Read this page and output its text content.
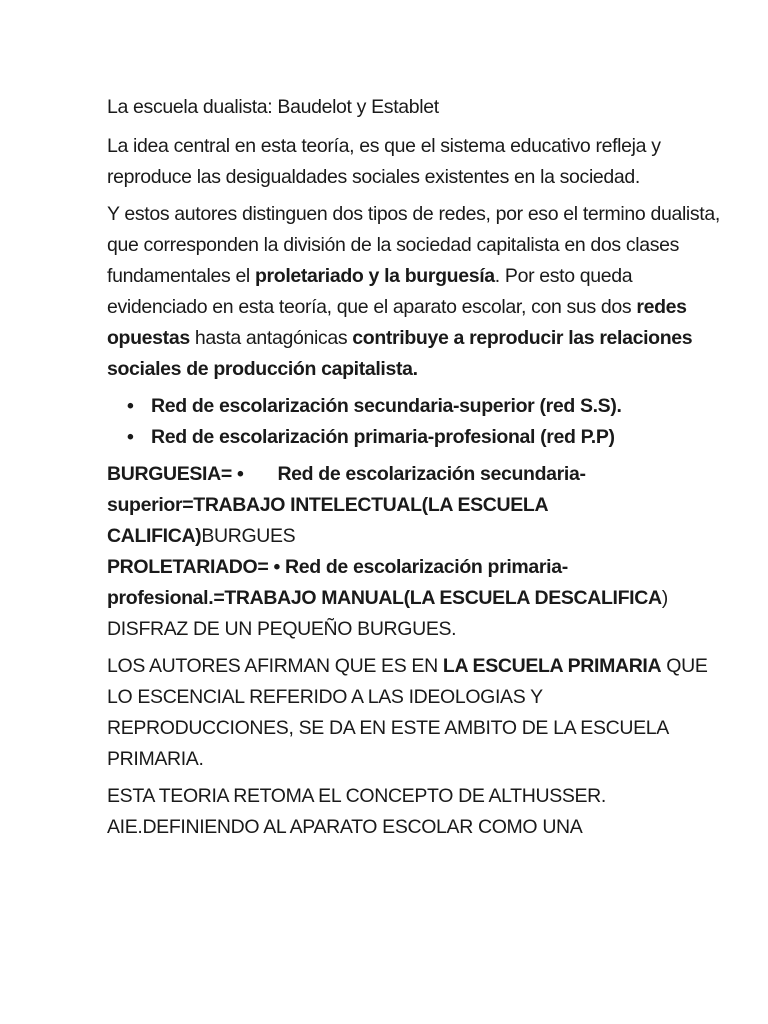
La escuela dualista: Baudelot y Establet

La idea central en esta teoría, es que el sistema educativo refleja y reproduce las desigualdades sociales existentes en la sociedad.

Y estos autores distinguen dos tipos de redes, por eso el termino dualista, que corresponden la división de la sociedad capitalista en dos clases fundamentales el proletariado y la burguesía. Por esto queda evidenciado en esta teoría, que el aparato escolar, con sus dos redes opuestas hasta antagónicas contribuye a reproducir las relaciones sociales de producción capitalista.

• Red de escolarización secundaria-superior (red S.S).
• Red de escolarización primaria-profesional (red P.P)

BURGUESIA= • Red de escolarización secundaria-superior=TRABAJO INTELECTUAL(LA ESCUELA CALIFICA)BURGUES

PROLETARIADO= • Red de escolarización primaria-profesional.=TRABAJO MANUAL(LA ESCUELA DESCALIFICA)
DISFRAZ DE UN PEQUEÑO BURGUES.

LOS AUTORES AFIRMAN QUE ES EN LA ESCUELA PRIMARIA QUE LO ESCENCIAL REFERIDO A LAS IDEOLOGIAS Y REPRODUCCIONES, SE DA EN ESTE AMBITO DE LA ESCUELA PRIMARIA.

ESTA TEORIA RETOMA EL CONCEPTO DE ALTHUSSER.
AIE.DEFINIENDO AL APARATO ESCOLAR COMO UNA
